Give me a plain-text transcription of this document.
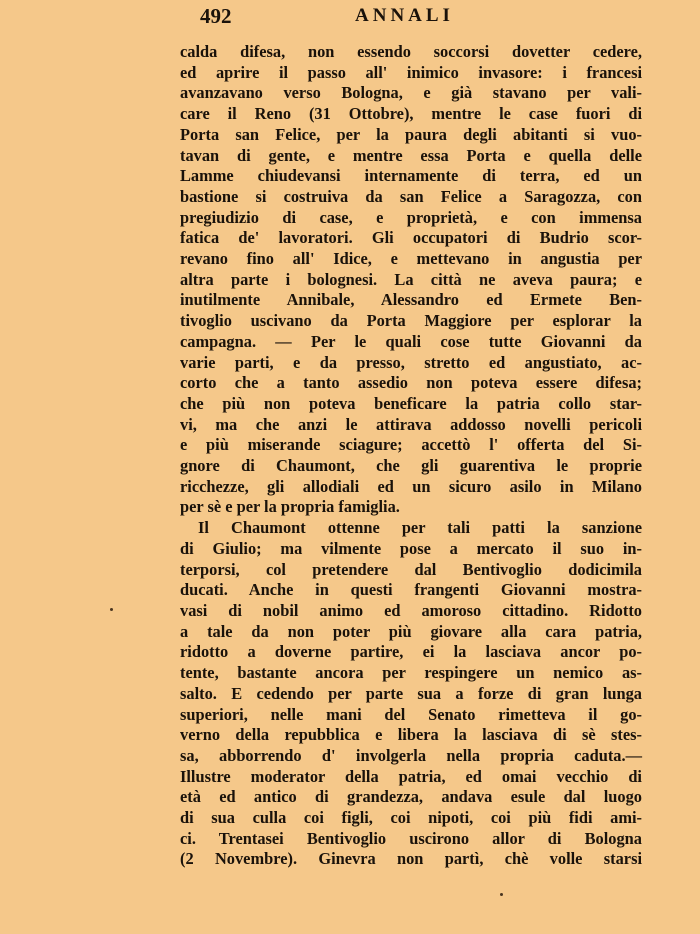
492	ANNALI
calda difesa, non essendo soccorsi dovetter cedere,
ed aprire il passo all' inimico invasore: i francesi
avanzavano verso Bologna, e già stavano per vali-
care il Reno (31 Ottobre), mentre le case fuori di
Porta san Felice, per la paura degli abitanti si vuo-
tavan di gente, e mentre essa Porta e quella delle
Lamme chiudevansi internamente di terra, ed un
bastione si costruiva da san Felice a Saragozza, con
pregiudizio di case, e proprietà, e con immensa
fatica de' lavoratori. Gli occupatori di Budrio scor-
revano fino all' Idice, e mettevano in angustia per
altra parte i bolognesi. La città ne aveva paura; e
inutilmente Annibale, Alessandro ed Ermete Ben-
tivoglio uscivano da Porta Maggiore per esplorar la
campagna. — Per le quali cose tutte Giovanni da
varie parti, e da presso, stretto ed angustiato, ac-
corto che a tanto assedio non poteva essere difesa;
che più non poteva beneficare la patria collo star-
vi, ma che anzi le attirava addosso novelli pericoli
e più miserande sciagure; accettò l' offerta del Si-
gnore di Chaumont, che gli guarentiva le proprie
ricchezze, gli allodiali ed un sicuro asilo in Milano
per sè e per la propria famiglia.
Il Chaumont ottenne per tali patti la sanzione
di Giulio; ma vilmente pose a mercato il suo in-
terporsi, col pretendere dal Bentivoglio dodicimila
ducati. Anche in questi frangenti Giovanni mostra-
vasi di nobil animo ed amoroso cittadino. Ridotto
a tale da non poter più giovare alla cara patria,
ridotto a doverne partire, ei la lasciava ancor po-
tente, bastante ancora per respingere un nemico as-
salto. E cedendo per parte sua a forze di gran lunga
superiori, nelle mani del Senato rimetteva il go-
verno della repubblica e libera la lasciava di sè stes-
sa, abborrendo d' involgerla nella propria caduta.—
Illustre moderator della patria, ed omai vecchio di
età ed antico di grandezza, andava esule dal luogo
di sua culla coi figli, coi nipoti, coi più fidi ami-
ci. Trentasei Bentivoglio uscirono allor di Bologna
(2 Novembre). Ginevra non partì, chè volle starsi
